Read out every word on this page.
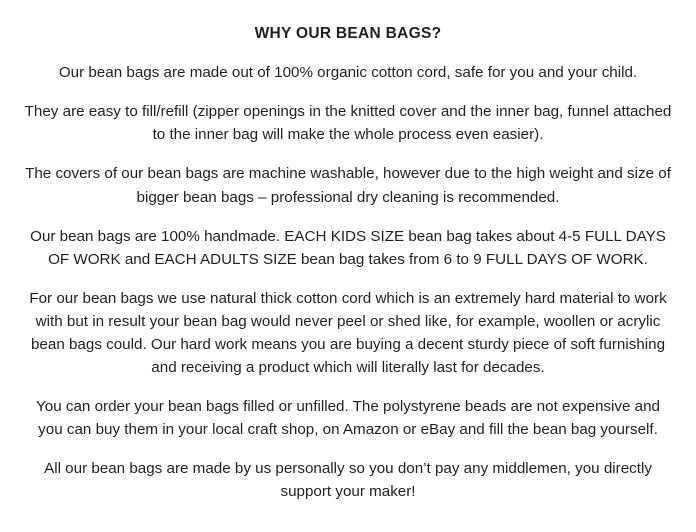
WHY OUR BEAN BAGS?

Our bean bags are made out of 100% organic cotton cord, safe for you and your child.

They are easy to fill/refill (zipper openings in the knitted cover and the inner bag, funnel attached to the inner bag will make the whole process even easier).

The covers of our bean bags are machine washable, however due to the high weight and size of bigger bean bags – professional dry cleaning is recommended.

Our bean bags are 100% handmade. EACH KIDS SIZE bean bag takes about 4-5 FULL DAYS OF WORK and EACH ADULTS SIZE bean bag takes from 6 to 9 FULL DAYS OF WORK.

For our bean bags we use natural thick cotton cord which is an extremely hard material to work with but in result your bean bag would never peel or shed like, for example, woollen or acrylic bean bags could. Our hard work means you are buying a decent sturdy piece of soft furnishing and receiving a product which will literally last for decades.

You can order your bean bags filled or unfilled. The polystyrene beads are not expensive and you can buy them in your local craft shop, on Amazon or eBay and fill the bean bag yourself.

All our bean bags are made by us personally so you don’t pay any middlemen, you directly support your maker!
